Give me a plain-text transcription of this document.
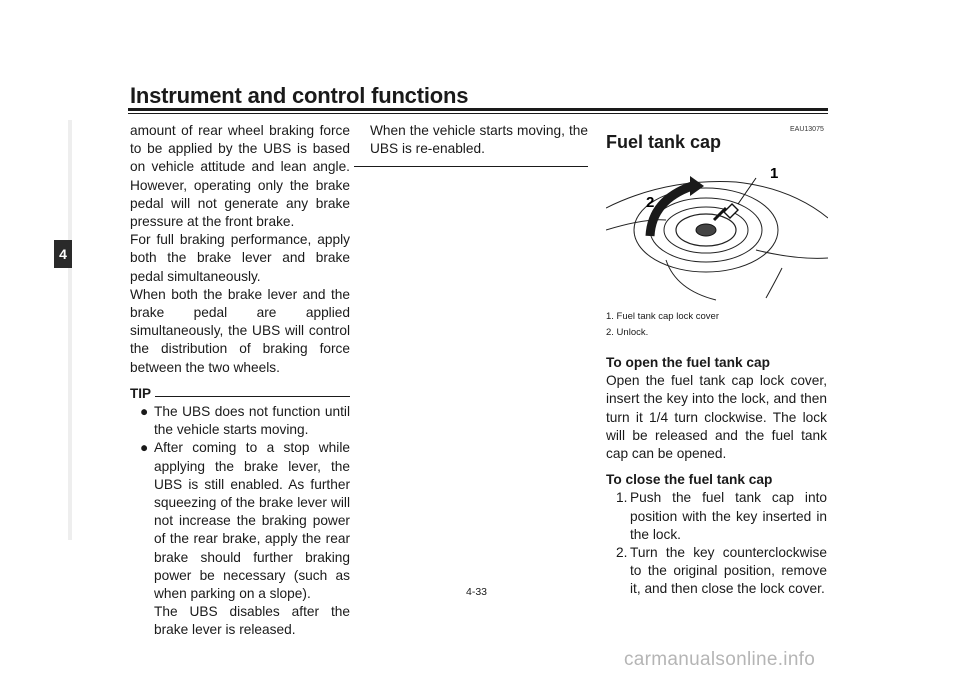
Instrument and control functions
4

amount of rear wheel braking force to be applied by the UBS is based on vehicle attitude and lean angle. However, operating only the brake pedal will not generate any brake pressure at the front brake.

For full braking performance, apply both the brake lever and brake pedal simultaneously.

When both the brake lever and the brake pedal are applied simultaneously, the UBS will control the distribution of braking force between the two wheels.

TIP

● The UBS does not function until the vehicle starts moving.

● After coming to a stop while applying the brake lever, the UBS is still enabled. As further squeezing of the brake lever will not increase the braking power of the rear brake, apply the rear brake should further braking power be necessary (such as when parking on a slope).

The UBS disables after the brake lever is released.

When the vehicle starts moving, the UBS is re-enabled.

EAU13075
Fuel tank cap
1
2
1. Fuel tank cap lock cover
2. Unlock.
To open the fuel tank cap

Open the fuel tank cap lock cover, insert the key into the lock, and then turn it 1/4 turn clockwise. The lock will be released and the fuel tank cap can be opened.

To close the fuel tank cap

1. Push the fuel tank cap into position with the key inserted in the lock.

2. Turn the key counterclockwise to the original position, remove it, and then close the lock cover.

4-33
carmanualsonline.info
